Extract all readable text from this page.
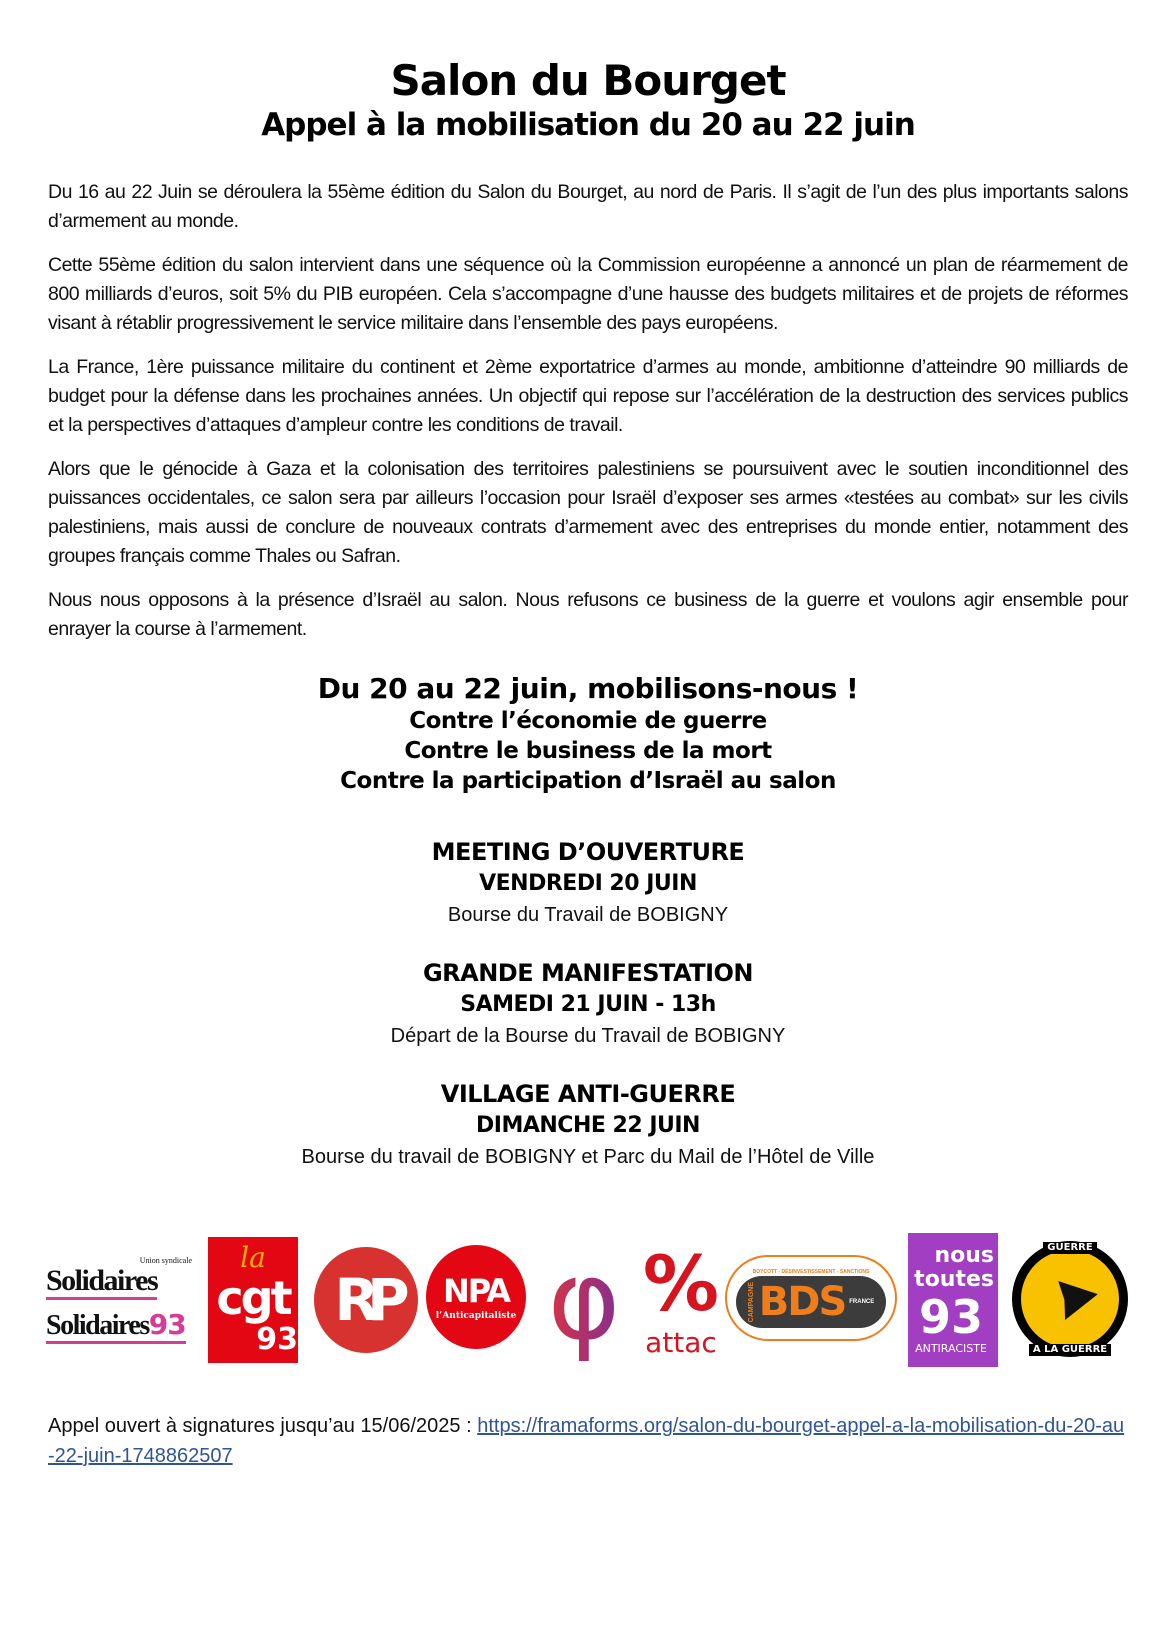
Salon du Bourget
Appel à la mobilisation du 20 au 22 juin

Du 16 au 22 Juin se déroulera la 55ème édition du Salon du Bourget, au nord de Paris. Il s’agit de l’un des plus importants salons d’armement au monde.

Cette 55ème édition du salon intervient dans une séquence où la Commission européenne a annoncé un plan de réarmement de 800 milliards d’euros, soit 5% du PIB européen. Cela s’accompagne d’une hausse des budgets militaires et de projets de réformes visant à rétablir progressivement le service militaire dans l’ensemble des pays européens.

La France, 1ère puissance militaire du continent et 2ème exportatrice d’armes au monde, ambitionne d’atteindre 90 milliards de budget pour la défense dans les prochaines années. Un objectif qui repose sur l’accélération de la destruction des services publics et la perspectives d’attaques d’ampleur contre les conditions de travail.

Alors que le génocide à Gaza et la colonisation des territoires palestiniens se poursuivent avec le soutien inconditionnel des puissances occidentales, ce salon sera par ailleurs l’occasion pour Israël d’exposer ses armes «testées au combat» sur les civils palestiniens, mais aussi de conclure de nouveaux contrats d’armement avec des entreprises du monde entier, notamment des groupes français comme Thales ou Safran.

Nous nous opposons à la présence d’Israël au salon. Nous refusons ce business de la guerre et voulons agir ensemble pour enrayer la course à l’armement.

Du 20 au 22 juin, mobilisons-nous !
Contre l’économie de guerre
Contre le business de la mort
Contre la participation d’Israël au salon
MEETING D’OUVERTURE
VENDREDI 20 JUIN
Bourse du Travail de BOBIGNY
GRANDE MANIFESTATION
SAMEDI 21 JUIN - 13h
Départ de la Bourse du Travail de BOBIGNY
VILLAGE ANTI-GUERRE
DIMANCHE 22 JUIN
Bourse du travail de BOBIGNY et Parc du Mail de l’Hôtel de Ville
Union syndicale
Solidaires
Solidaires93
la
cgt
93
RP NPA
l’Anticapitaliste φ %
attac
BOYCOTT - DÉSINVESTISSEMENT - SANCTIONS
CAMPAGNE BDS FRANCE
nous
toutes
93
ANTIRACISTE
GUERRE
A LA GUERRE
Appel ouvert à signatures jusqu’au 15/06/2025 : https://framaforms.org/salon-du-bourget-appel-a-la-mobilisation-du-20-au-22-juin-1748862507
